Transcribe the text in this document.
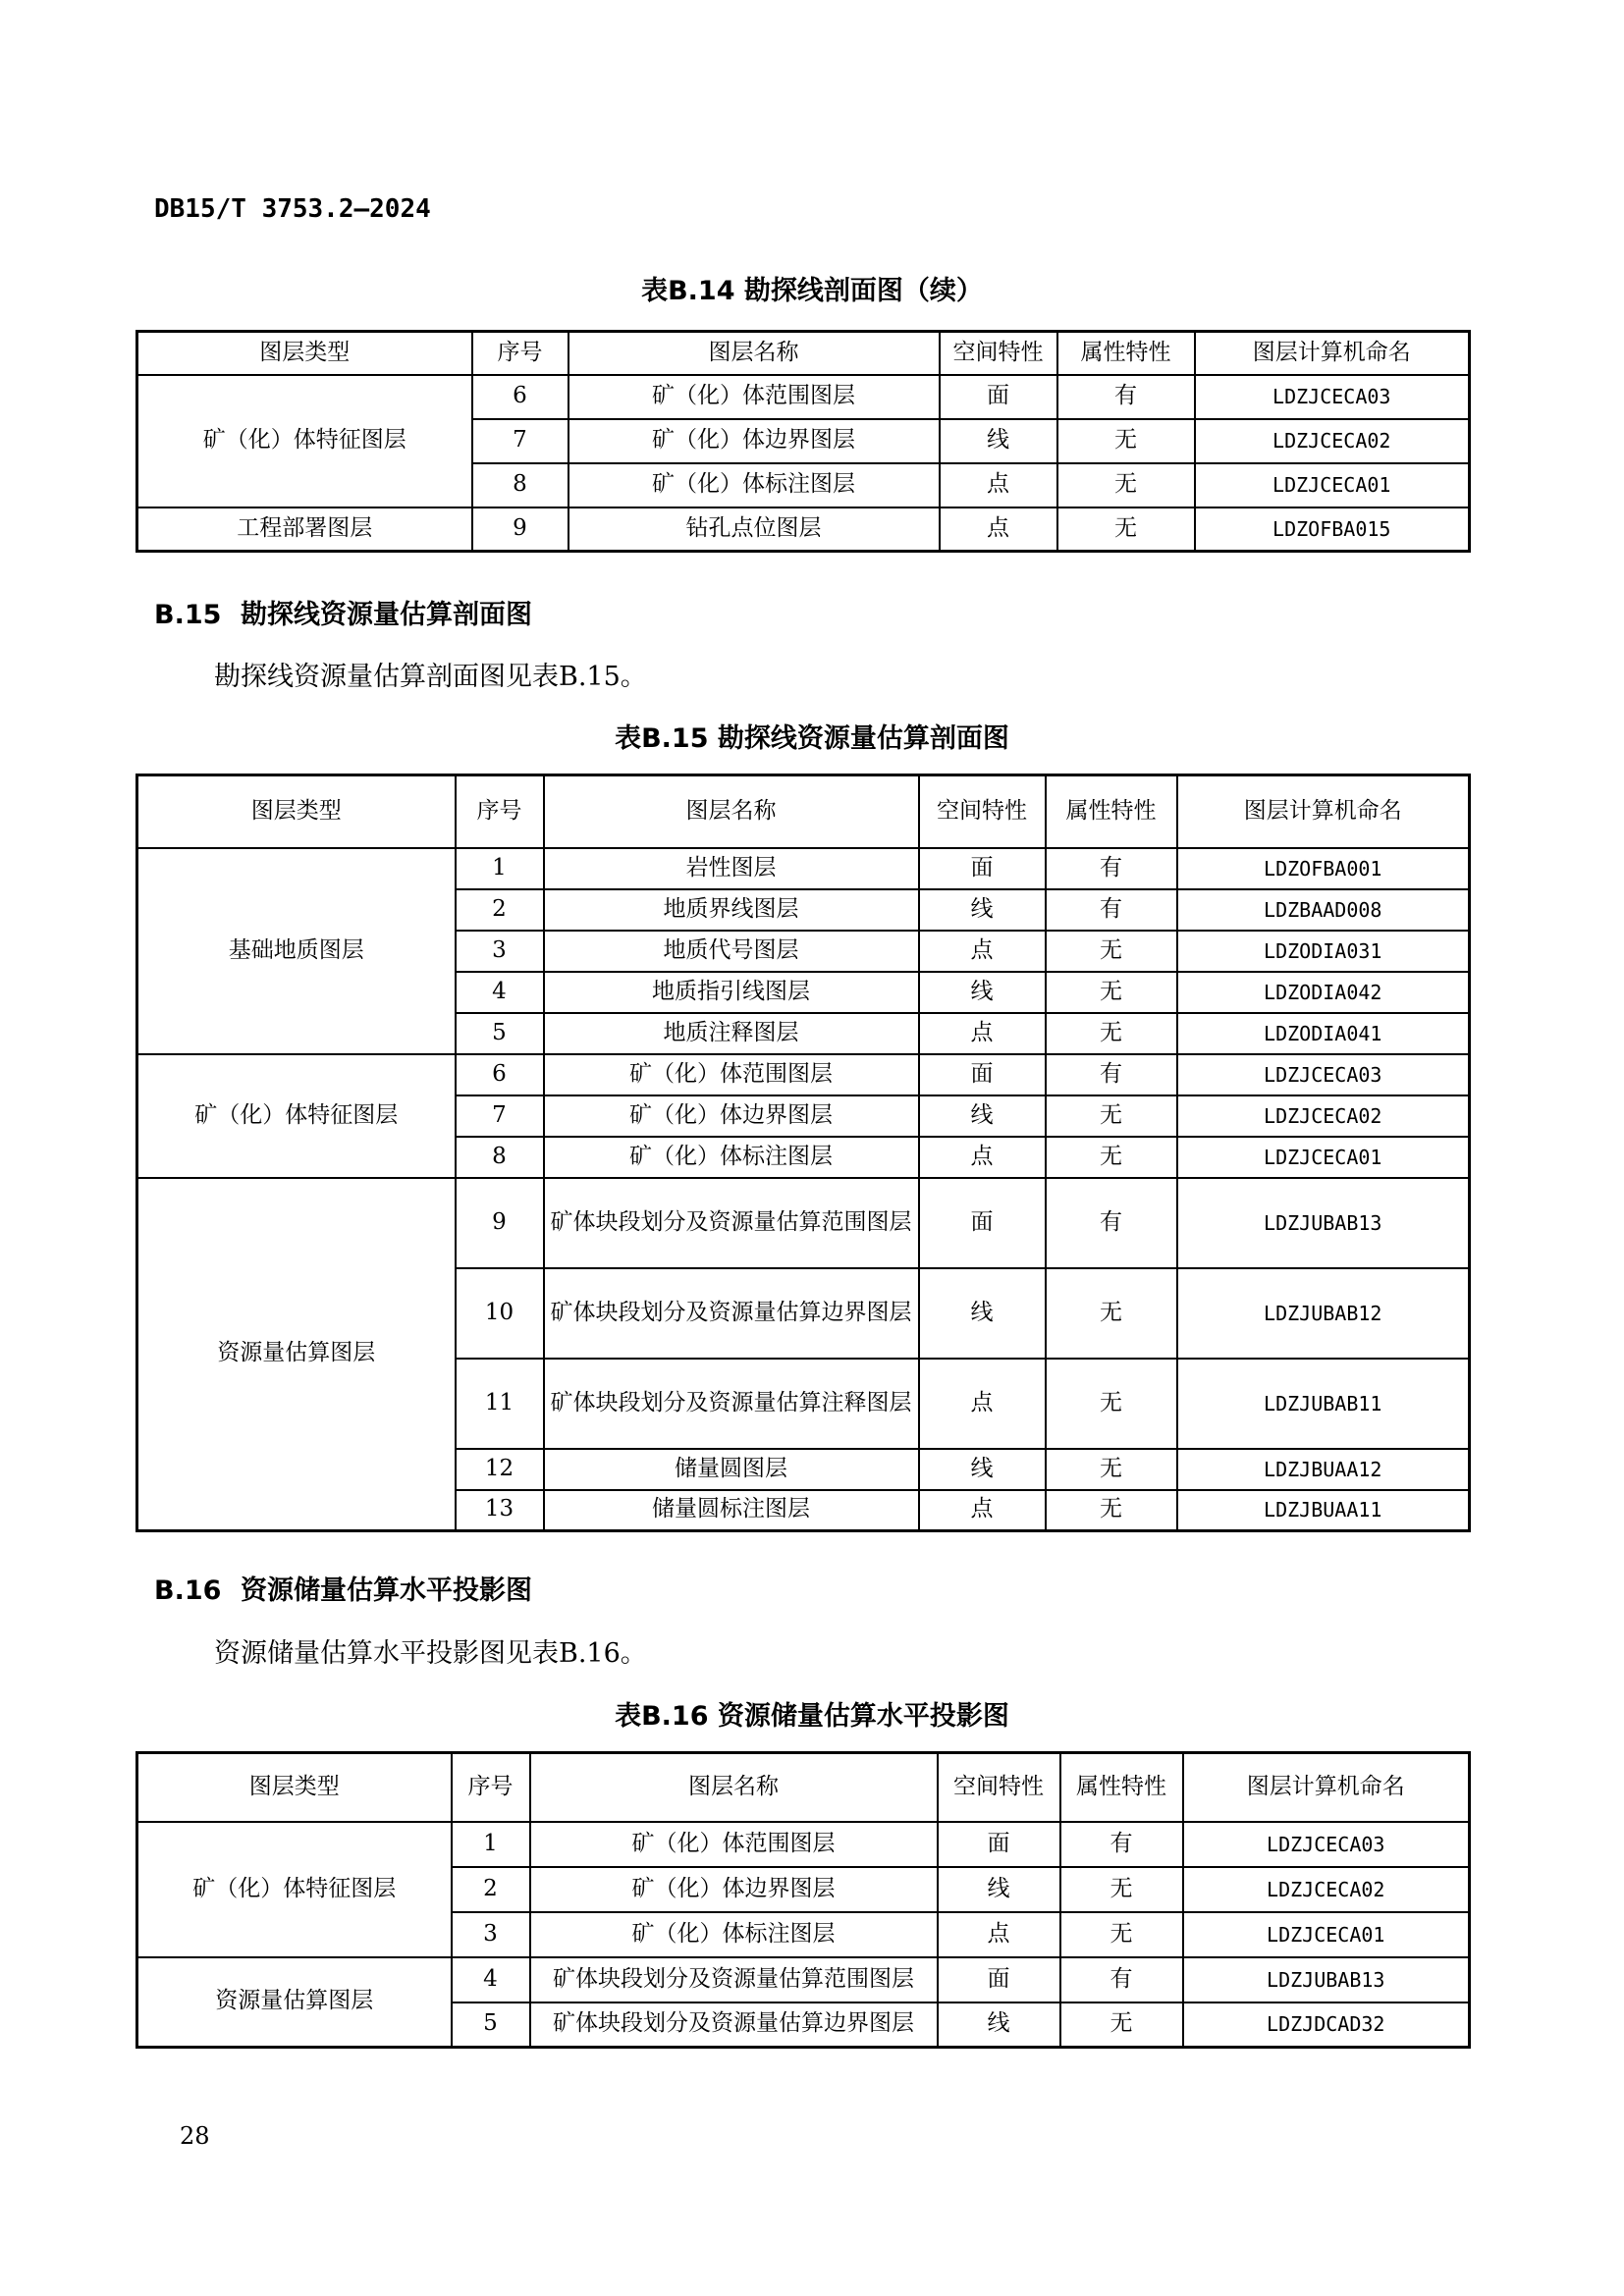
DB15/T 3753.2—2024
表B.14 勘探线剖面图（续）
图层类型	序号	图层名称	空间特性	属性特性	图层计算机命名
矿（化）体特征图层	6	矿（化）体范围图层	面	有	LDZJCECA03
	7	矿（化）体边界图层	线	无	LDZJCECA02
	8	矿（化）体标注图层	点	无	LDZJCECA01
工程部署图层	9	钻孔点位图层	点	无	LDZOFBA015
B.15 勘探线资源量估算剖面图
勘探线资源量估算剖面图见表B.15。
表B.15 勘探线资源量估算剖面图
图层类型	序号	图层名称	空间特性	属性特性	图层计算机命名
基础地质图层	1	岩性图层	面	有	LDZOFBA001
	2	地质界线图层	线	有	LDZBAAD008
	3	地质代号图层	点	无	LDZODIA031
	4	地质指引线图层	线	无	LDZODIA042
	5	地质注释图层	点	无	LDZODIA041
矿（化）体特征图层	6	矿（化）体范围图层	面	有	LDZJCECA03
	7	矿（化）体边界图层	线	无	LDZJCECA02
	8	矿（化）体标注图层	点	无	LDZJCECA01
资源量估算图层	9	矿体块段划分及资源量估算范围图层	面	有	LDZJUBAB13
	10	矿体块段划分及资源量估算边界图层	线	无	LDZJUBAB12
	11	矿体块段划分及资源量估算注释图层	点	无	LDZJUBAB11
	12	储量圆图层	线	无	LDZJBUAA12
	13	储量圆标注图层	点	无	LDZJBUAA11
B.16 资源储量估算水平投影图
资源储量估算水平投影图见表B.16。
表B.16 资源储量估算水平投影图
图层类型	序号	图层名称	空间特性	属性特性	图层计算机命名
矿（化）体特征图层	1	矿（化）体范围图层	面	有	LDZJCECA03
	2	矿（化）体边界图层	线	无	LDZJCECA02
	3	矿（化）体标注图层	点	无	LDZJCECA01
资源量估算图层	4	矿体块段划分及资源量估算范围图层	面	有	LDZJUBAB13
	5	矿体块段划分及资源量估算边界图层	线	无	LDZJDCAD32
28
